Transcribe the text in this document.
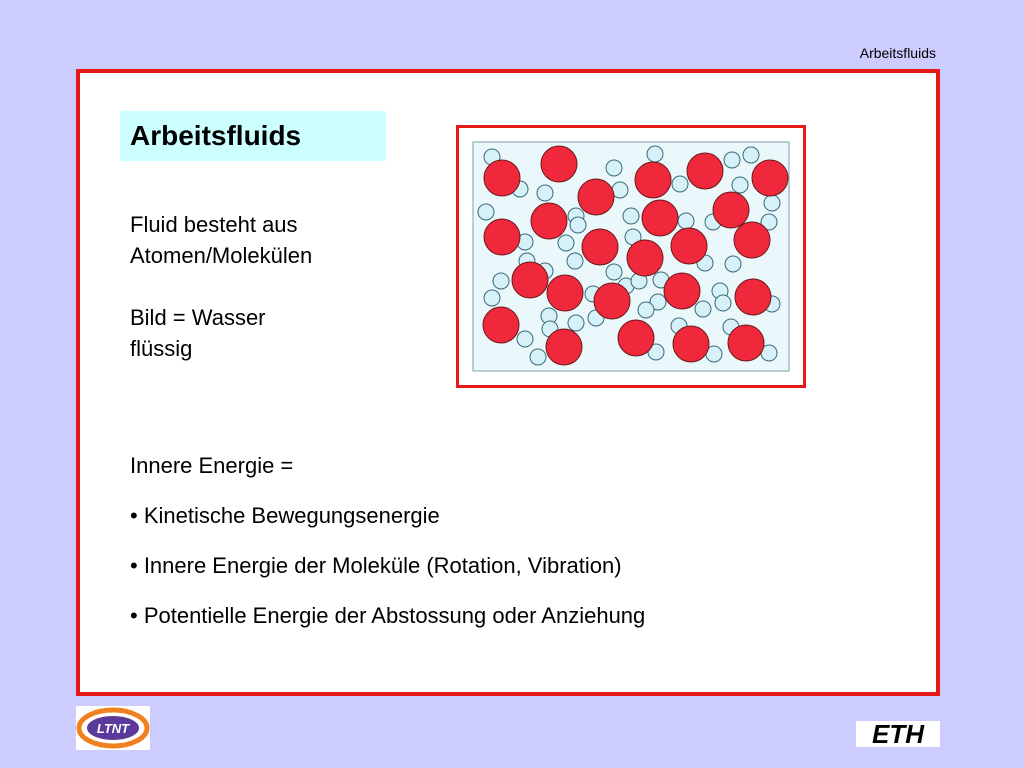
Arbeitsfluids
Arbeitsfluids

Fluid besteht aus

Atomen/Molekülen

Bild = Wasser

flüssig

Innere Energie =
• Kinetische Bewegungsenergie
• Innere Energie der Moleküle (Rotation, Vibration)
• Potentielle Energie der Abstossung oder Anziehung
LTNT	ETH
